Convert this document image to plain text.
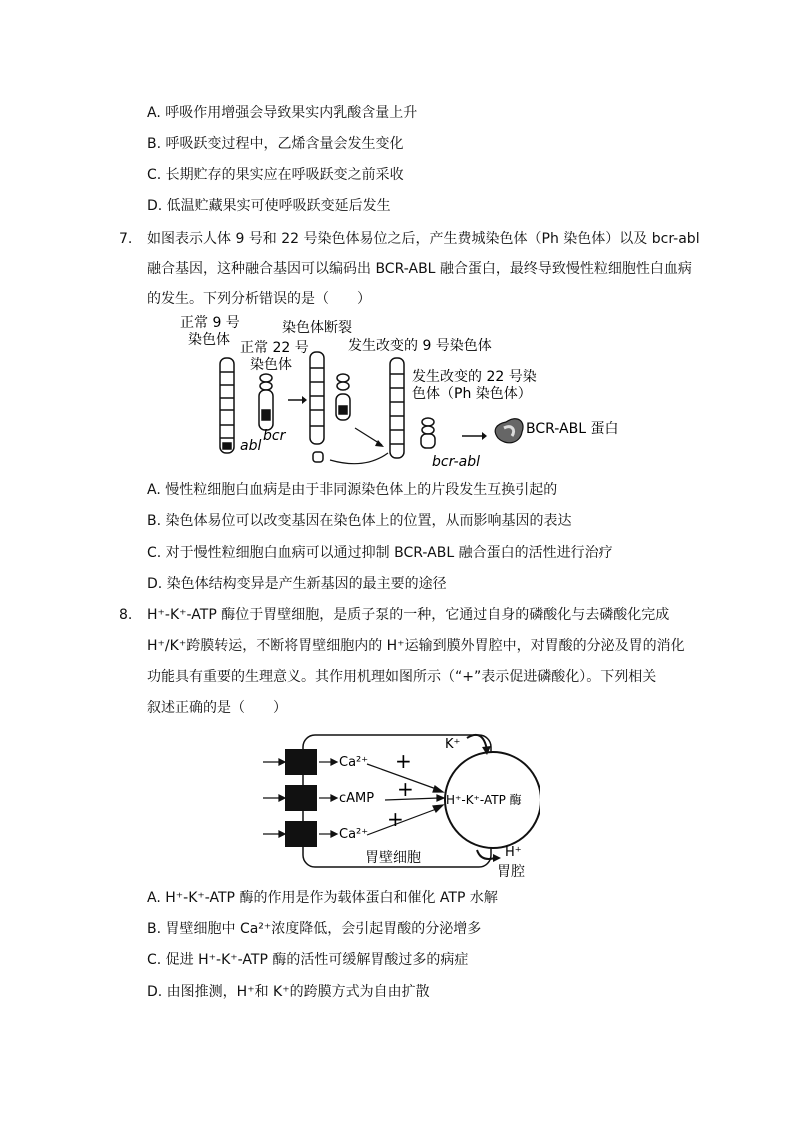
A. 呼吸作用增强会导致果实内乳酸含量上升
B. 呼吸跃变过程中，乙烯含量会发生变化
C. 长期贮存的果实应在呼吸跃变之前采收
D. 低温贮藏果实可使呼吸跃变延后发生
7. 如图表示人体 9 号和 22 号染色体易位之后，产生费城染色体（Ph 染色体）以及 bcr-abl
融合基因，这种融合基因可以编码出 BCR-ABL 融合蛋白，最终导致慢性粒细胞性白血病
的发生。下列分析错误的是（　　）
正常 9 号
染色体 正常 22 号
染色体
染色体断裂
发生改变的 9 号染色体
发生改变的 22 号染
色体（Ph 染色体）
abl
bcr
bcr-abl
BCR-ABL 蛋白
A. 慢性粒细胞白血病是由于非同源染色体上的片段发生互换引起的
B. 染色体易位可以改变基因在染色体上的位置，从而影响基因的表达
C. 对于慢性粒细胞白血病可以通过抑制 BCR-ABL 融合蛋白的活性进行治疗
D. 染色体结构变异是产生新基因的最主要的途径
8. H⁺-K⁺-ATP 酶位于胃壁细胞，是质子泵的一种，它通过自身的磷酸化与去磷酸化完成
H⁺/K⁺跨膜转运，不断将胃壁细胞内的 H⁺运输到膜外胃腔中，对胃酸的分泌及胃的消化
功能具有重要的生理意义。其作用机理如图所示（“+”表示促进磷酸化）。下列相关
叙述正确的是（　　）
Ca²⁺
cAMP
Ca²⁺
+
+
+
H⁺-K⁺-ATP 酶
K⁺
H⁺
胃腔
胃壁细胞
A. H⁺-K⁺-ATP 酶的作用是作为载体蛋白和催化 ATP 水解
B. 胃壁细胞中 Ca²⁺浓度降低，会引起胃酸的分泌增多
C. 促进 H⁺-K⁺-ATP 酶的活性可缓解胃酸过多的病症
D. 由图推测，H⁺和 K⁺的跨膜方式为自由扩散
